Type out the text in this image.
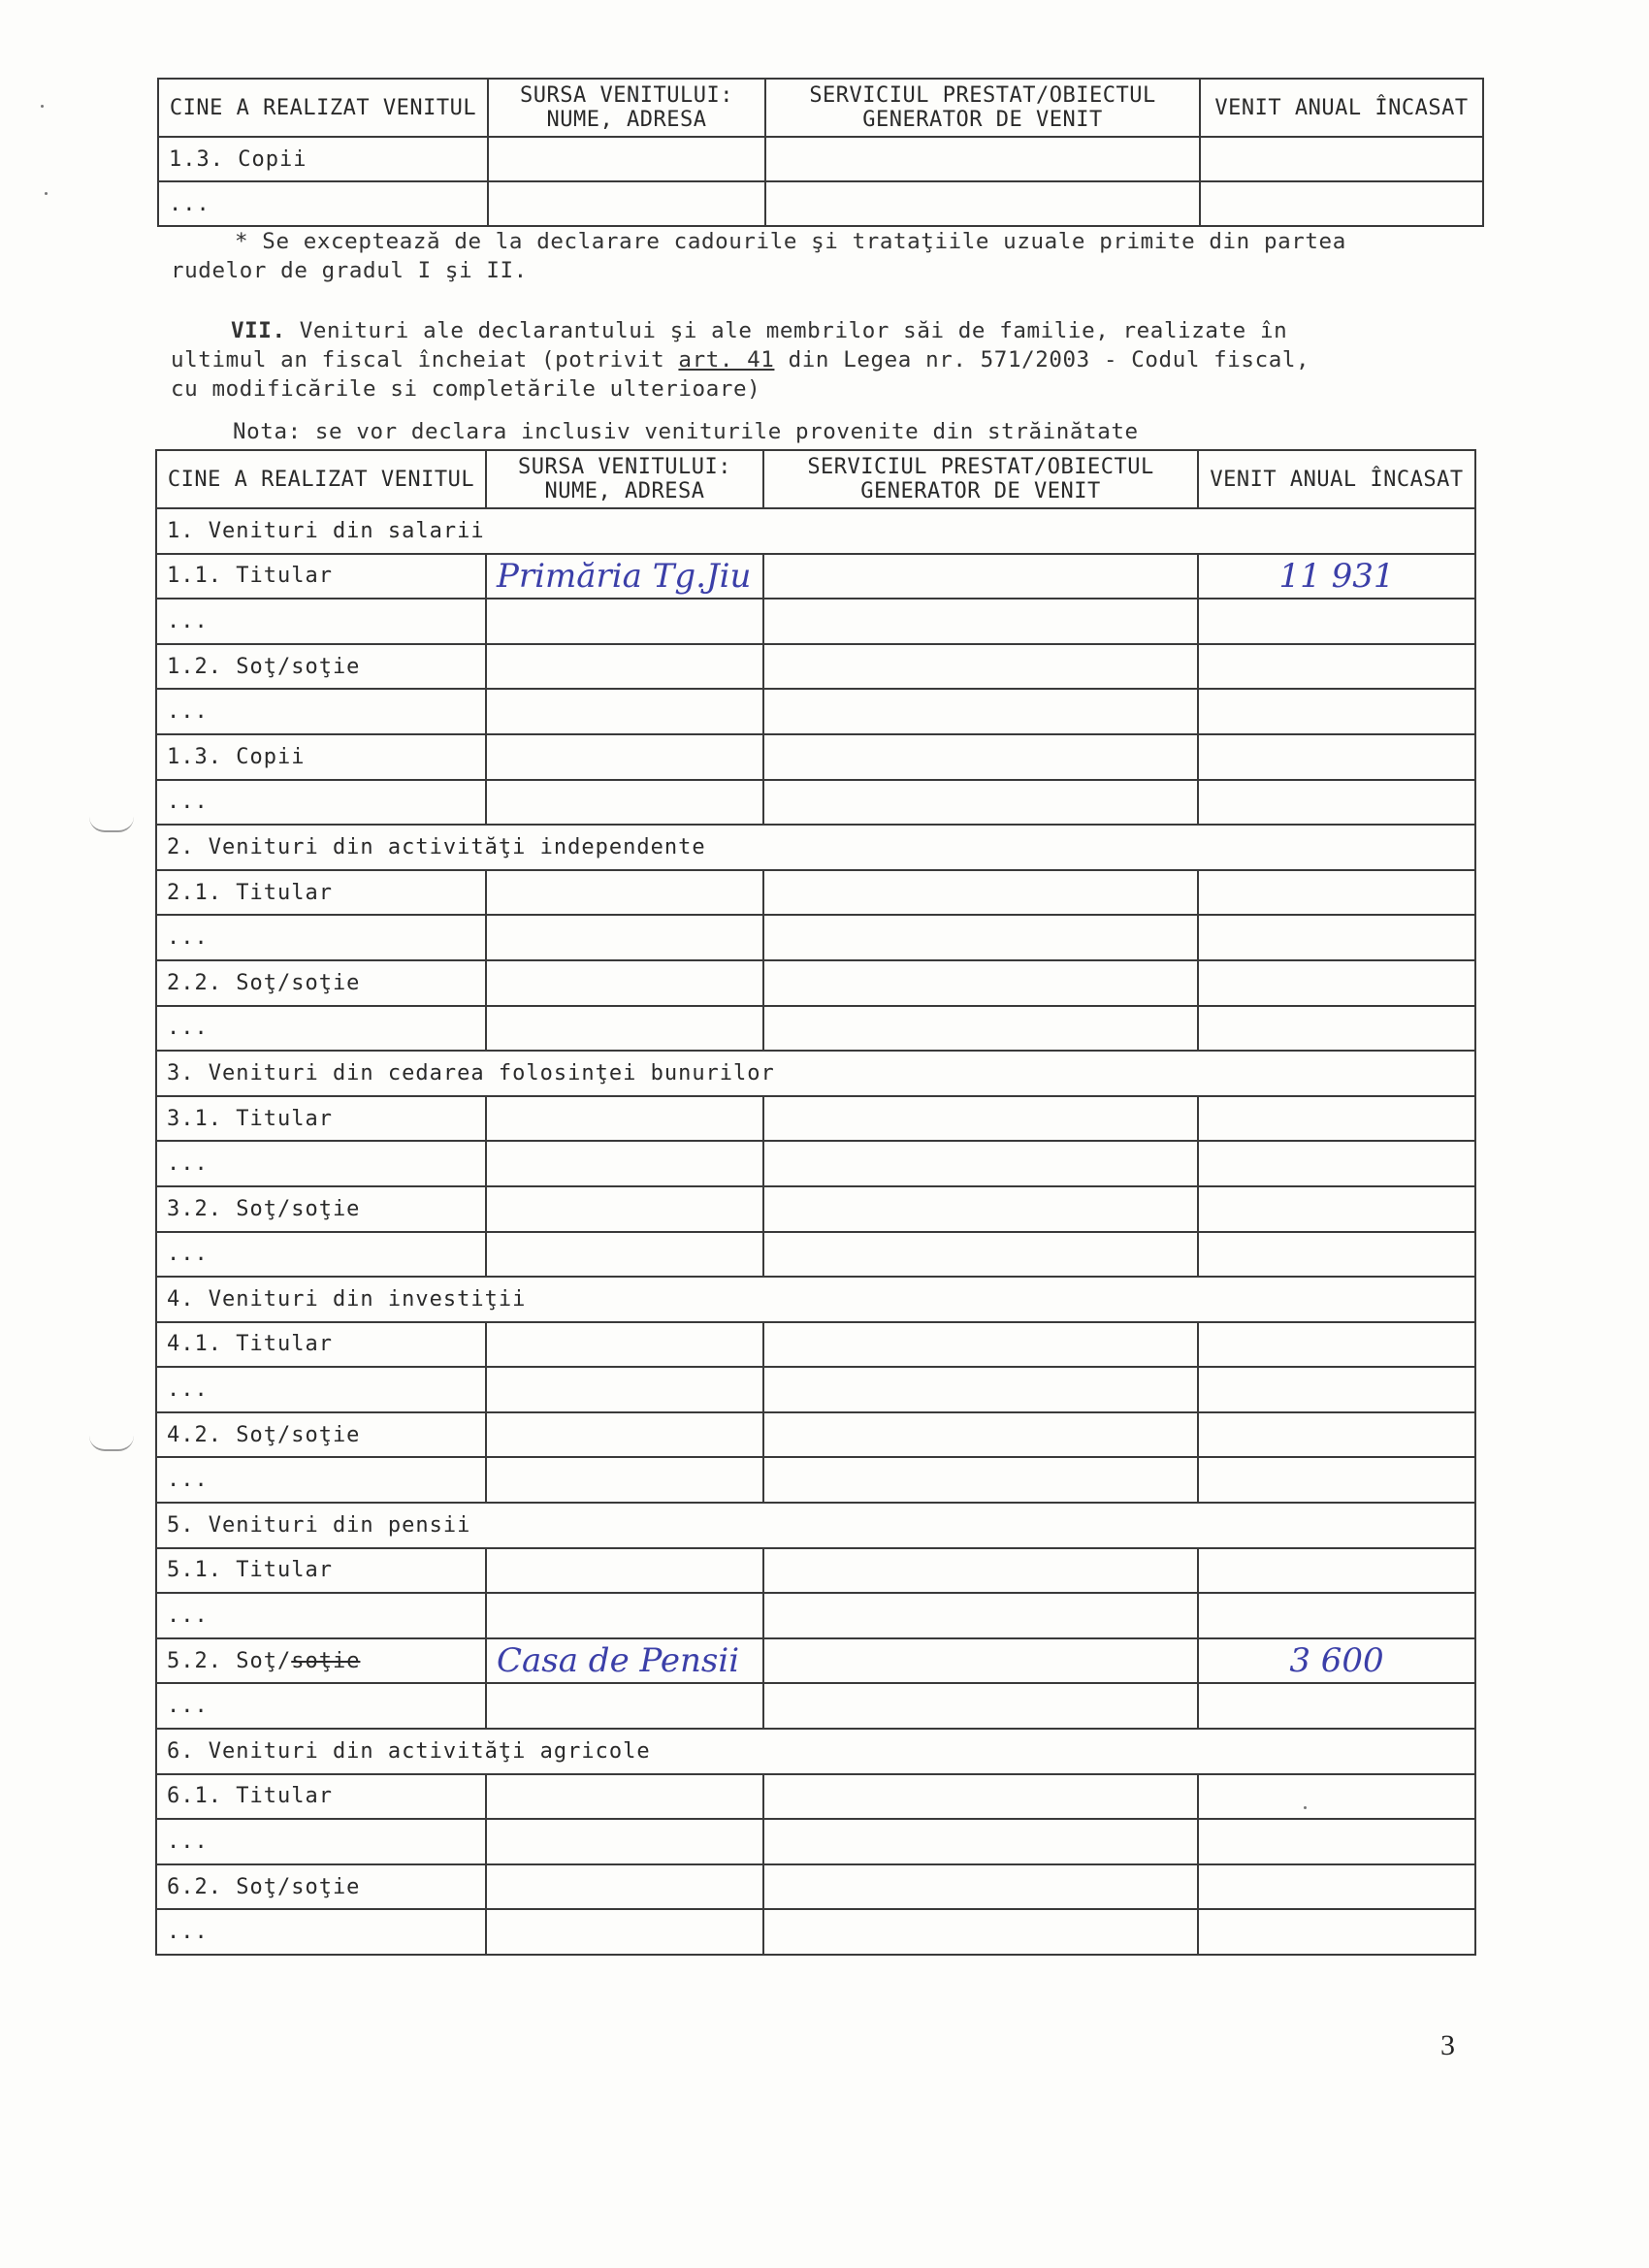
CINE A REALIZAT VENITUL	SURSA VENITULUI: NUME, ADRESA	SERVICIUL PRESTAT/OBIECTUL GENERATOR DE VENIT	VENIT ANUAL ÎNCASAT
1.3. Copii			
...			
* Se exceptează de la declarare cadourile şi trataţiile uzuale primite din partea
rudelor de gradul I şi II.
VII. Venituri ale declarantului şi ale membrilor săi de familie, realizate în
ultimul an fiscal încheiat (potrivit art. 41 din Legea nr. 571/2003 - Codul fiscal,
cu modificările si completările ulterioare)
Nota: se vor declara inclusiv veniturile provenite din străinătate
CINE A REALIZAT VENITUL	SURSA VENITULUI: NUME, ADRESA	SERVICIUL PRESTAT/OBIECTUL GENERATOR DE VENIT	VENIT ANUAL ÎNCASAT
1. Venituri din salarii			
1.1. Titular	Primăria Tg.Jiu		11 931
...			
1.2. Soţ/soţie			
...			
1.3. Copii			
...			
2. Venituri din activităţi independente			
2.1. Titular			
...			
2.2. Soţ/soţie			
...			
3. Venituri din cedarea folosinţei bunurilor			
3.1. Titular			
...			
3.2. Soţ/soţie			
...			
4. Venituri din investiţii			
4.1. Titular			
...			
4.2. Soţ/soţie			
...			
5. Venituri din pensii			
5.1. Titular			
...			
5.2. Soţ/soţie	Casa de Pensii		3 600
...			
6. Venituri din activităţi agricole			
6.1. Titular			
...			
6.2. Soţ/soţie			
...			
3
